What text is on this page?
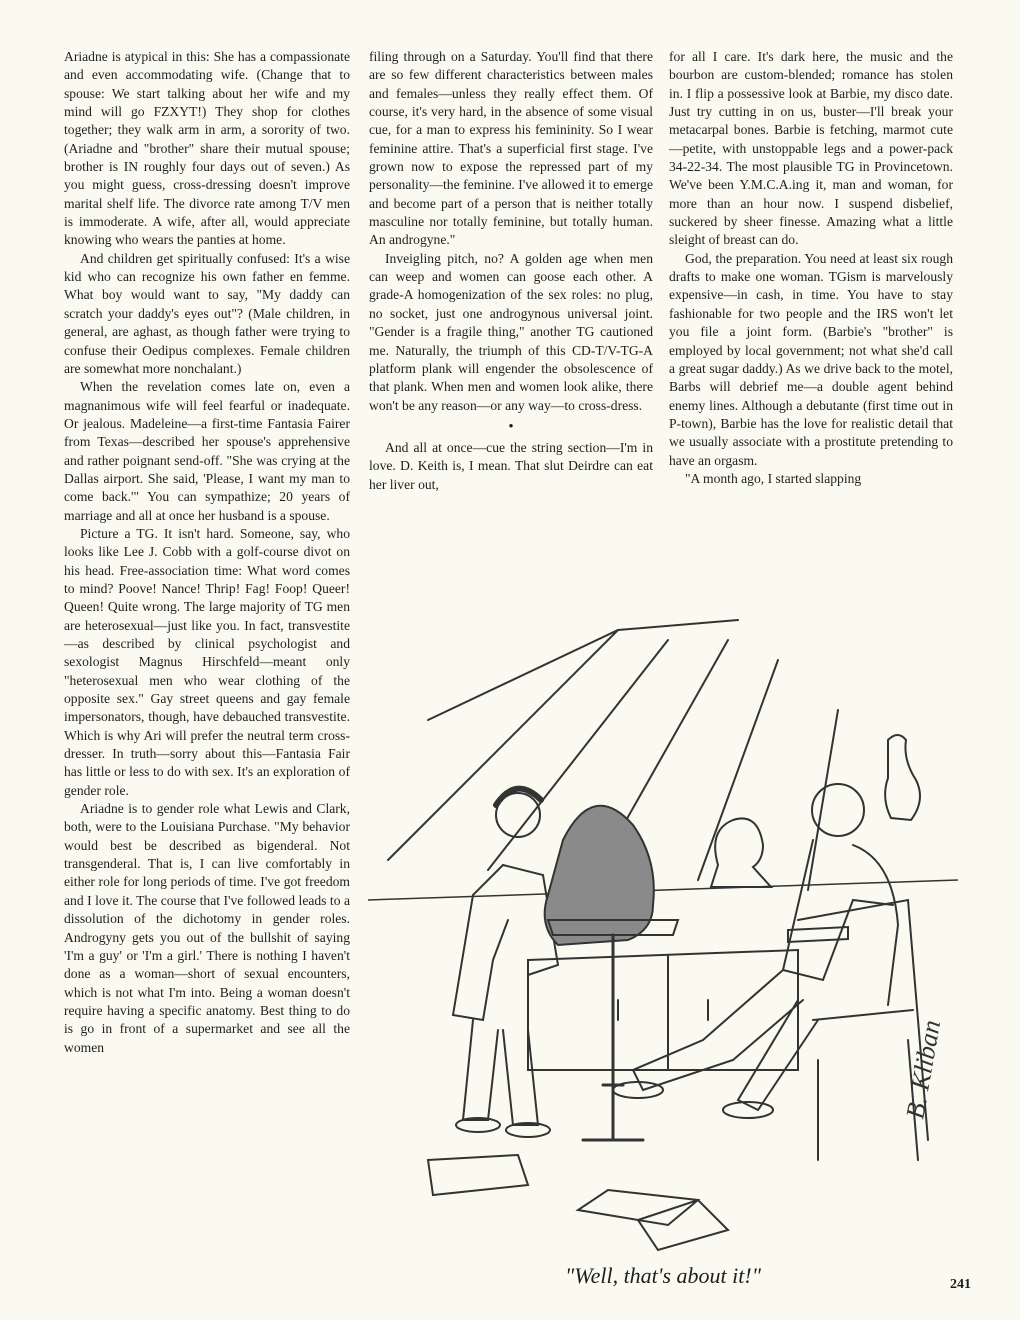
Ariadne is atypical in this: She has a compassionate and even accommodating wife. (Change that to spouse: We start talking about her wife and my mind will go FZXYT!) They shop for clothes together; they walk arm in arm, a sorority of two. (Ariadne and "brother" share their mutual spouse; brother is IN roughly four days out of seven.) As you might guess, cross-dressing doesn't improve marital shelf life. The divorce rate among T/V men is immoderate. A wife, after all, would appreciate knowing who wears the panties at home.

And children get spiritually confused: It's a wise kid who can recognize his own father en femme. What boy would want to say, "My daddy can scratch your daddy's eyes out"? (Male children, in general, are aghast, as though father were trying to confuse their Oedipus complexes. Female children are somewhat more nonchalant.)

When the revelation comes late on, even a magnanimous wife will feel fearful or inadequate. Or jealous. Madeleine—a first-time Fantasia Fairer from Texas—described her spouse's apprehensive and rather poignant send-off. "She was crying at the Dallas airport. She said, 'Please, I want my man to come back.'" You can sympathize; 20 years of marriage and all at once her husband is a spouse.

Picture a TG. It isn't hard. Someone, say, who looks like Lee J. Cobb with a golf-course divot on his head. Free-association time: What word comes to mind? Poove! Nance! Thrip! Fag! Foop! Queer! Queen! Quite wrong. The large majority of TG men are heterosexual—just like you. In fact, transvestite—as described by clinical psychologist and sexologist Magnus Hirschfeld—meant only "heterosexual men who wear clothing of the opposite sex." Gay street queens and gay female impersonators, though, have debauched transvestite. Which is why Ari will prefer the neutral term cross-dresser. In truth—sorry about this—Fantasia Fair has little or less to do with sex. It's an exploration of gender role.

Ariadne is to gender role what Lewis and Clark, both, were to the Louisiana Purchase. "My behavior would best be described as bigenderal. Not transgenderal. That is, I can live comfortably in either role for long periods of time. I've got freedom and I love it. The course that I've followed leads to a dissolution of the dichotomy in gender roles. Androgyny gets you out of the bullshit of saying 'I'm a guy' or 'I'm a girl.' There is nothing I haven't done as a woman—short of sexual encounters, which is not what I'm into. Being a woman doesn't require having a specific anatomy. Best thing to do is go in front of a supermarket and see all the women

filing through on a Saturday. You'll find that there are so few different characteristics between males and females—unless they really effect them. Of course, it's very hard, in the absence of some visual cue, for a man to express his femininity. So I wear feminine attire. That's a superficial first stage. I've grown now to expose the repressed part of my personality—the feminine. I've allowed it to emerge and become part of a person that is neither totally masculine nor totally feminine, but totally human. An androgyne."

Inveigling pitch, no? A golden age when men can weep and women can goose each other. A grade-A homogenization of the sex roles: no plug, no socket, just one androgynous universal joint. "Gender is a fragile thing," another TG cautioned me. Naturally, the triumph of this CD-T/V-TG-A platform plank will engender the obsolescence of that plank. When men and women look alike, there won't be any reason—or any way—to cross-dress.

•

And all at once—cue the string section—I'm in love. D. Keith is, I mean. That slut Deirdre can eat her liver out,

for all I care. It's dark here, the music and the bourbon are custom-blended; romance has stolen in. I flip a possessive look at Barbie, my disco date. Just try cutting in on us, buster—I'll break your metacarpal bones. Barbie is fetching, marmot cute—petite, with unstoppable legs and a power-pack 34-22-34. The most plausible TG in Provincetown. We've been Y.M.C.A.ing it, man and woman, for more than an hour now. I suspend disbelief, suckered by sheer finesse. Amazing what a little sleight of breast can do.

God, the preparation. You need at least six rough drafts to make one woman. TGism is marvelously expensive—in cash, in time. You have to stay fashionable for two people and the IRS won't let you file a joint form. (Barbie's "brother" is employed by local government; not what she'd call a great sugar daddy.) As we drive back to the motel, Barbs will debrief me—a double agent behind enemy lines. Although a debutante (first time out in P-town), Barbie has the love for realistic detail that we usually associate with a prostitute pretending to have an orgasm.

"A month ago, I started slapping

B. Kliban
"Well, that's about it!"	241
